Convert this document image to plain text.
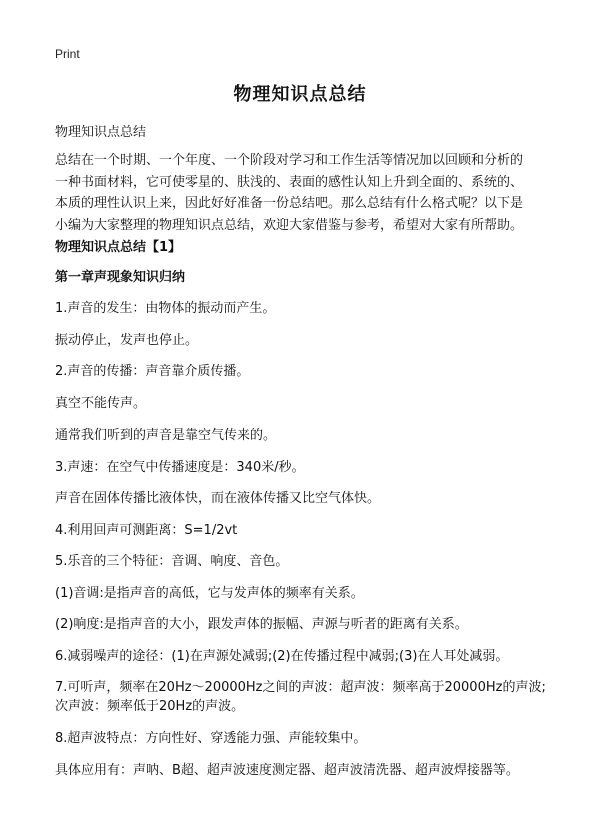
Print
物理知识点总结
物理知识点总结
总结在一个时期、一个年度、一个阶段对学习和工作生活等情况加以回顾和分析的
一种书面材料，它可使零星的、肤浅的、表面的感性认知上升到全面的、系统的、
本质的理性认识上来，因此好好准备一份总结吧。那么总结有什么格式呢？以下是
小编为大家整理的物理知识点总结，欢迎大家借鉴与参考，希望对大家有所帮助。
物理知识点总结【1】
第一章声现象知识归纳
1.声音的发生：由物体的振动而产生。
振动停止，发声也停止。
2.声音的传播：声音靠介质传播。
真空不能传声。
通常我们听到的声音是靠空气传来的。
3.声速：在空气中传播速度是：340米/秒。
声音在固体传播比液体快，而在液体传播又比空气体快。
4.利用回声可测距离：S=1/2vt
5.乐音的三个特征：音调、响度、音色。
(1)音调:是指声音的高低，它与发声体的频率有关系。
(2)响度:是指声音的大小，跟发声体的振幅、声源与听者的距离有关系。
6.减弱噪声的途径：(1)在声源处减弱;(2)在传播过程中减弱;(3)在人耳处减弱。
7.可听声，频率在20Hz～20000Hz之间的声波：超声波：频率高于20000Hz的声波;
次声波：频率低于20Hz的声波。
8.超声波特点：方向性好、穿透能力强、声能较集中。
具体应用有：声呐、B超、超声波速度测定器、超声波清洗器、超声波焊接器等。
